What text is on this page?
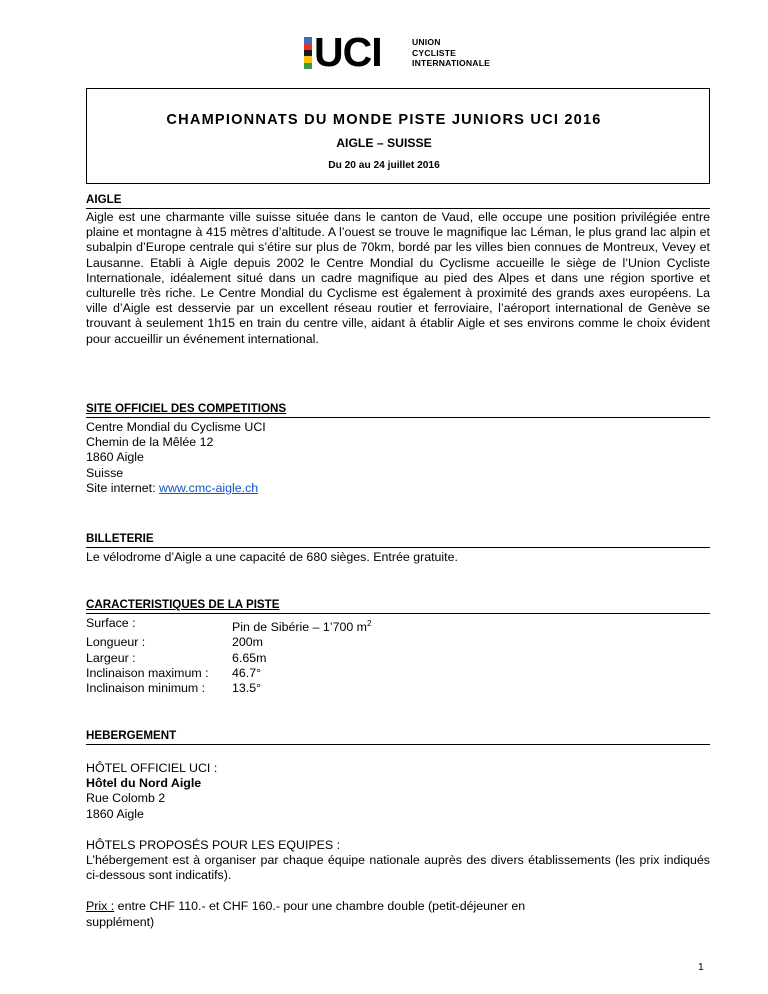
UCI	UNION
CYCLISTE
INTERNATIONALE
CHAMPIONNATS DU MONDE PISTE JUNIORS UCI 2016
AIGLE – SUISSE
Du 20 au 24 juillet 2016
AIGLE
Aigle est une charmante ville suisse située dans le canton de Vaud, elle occupe une position privilégiée entre plaine et montagne à 415 mètres d’altitude. A l’ouest se trouve le magnifique lac Léman, le plus grand lac alpin et subalpin d’Europe centrale qui s’étire sur plus de 70km, bordé par les villes bien connues de Montreux, Vevey et Lausanne. Etabli à Aigle depuis 2002 le Centre Mondial du Cyclisme accueille le siège de l’Union Cycliste Internationale, idéalement situé dans un cadre magnifique au pied des Alpes et dans une région sportive et culturelle très riche. Le Centre Mondial du Cyclisme est également à proximité des grands axes européens. La ville d’Aigle est desservie par un excellent réseau routier et ferroviaire, l’aéroport international de Genève se trouvant à seulement 1h15 en train du centre ville, aidant à établir Aigle et ses environs comme le choix évident pour accueillir un événement international.
SITE OFFICIEL DES COMPETITIONS
Centre Mondial du Cyclisme UCI
Chemin de la Mêlée 12
1860 Aigle
Suisse
Site internet: www.cmc-aigle.ch
BILLETERIE
Le vélodrome d’Aigle a une capacité de 680 sièges. Entrée gratuite.
CARACTERISTIQUES DE LA PISTE
Surface :	Pin de Sibérie – 1’700 $m^2$
Longueur :	200m
Largeur :	6.65m
Inclinaison maximum :	46.7°
Inclinaison minimum :	13.5°
HEBERGEMENT
HÔTEL OFFICIEL UCI :
Hôtel du Nord Aigle
Rue Colomb 2
1860 Aigle
HÔTELS PROPOSÉS POUR LES EQUIPES :
L’hébergement est à organiser par chaque équipe nationale auprès des divers établissements (les prix indiqués ci-dessous sont indicatifs).
Prix : entre CHF 110.- et CHF 160.- pour une chambre double (petit-déjeuner en
supplément)
1
